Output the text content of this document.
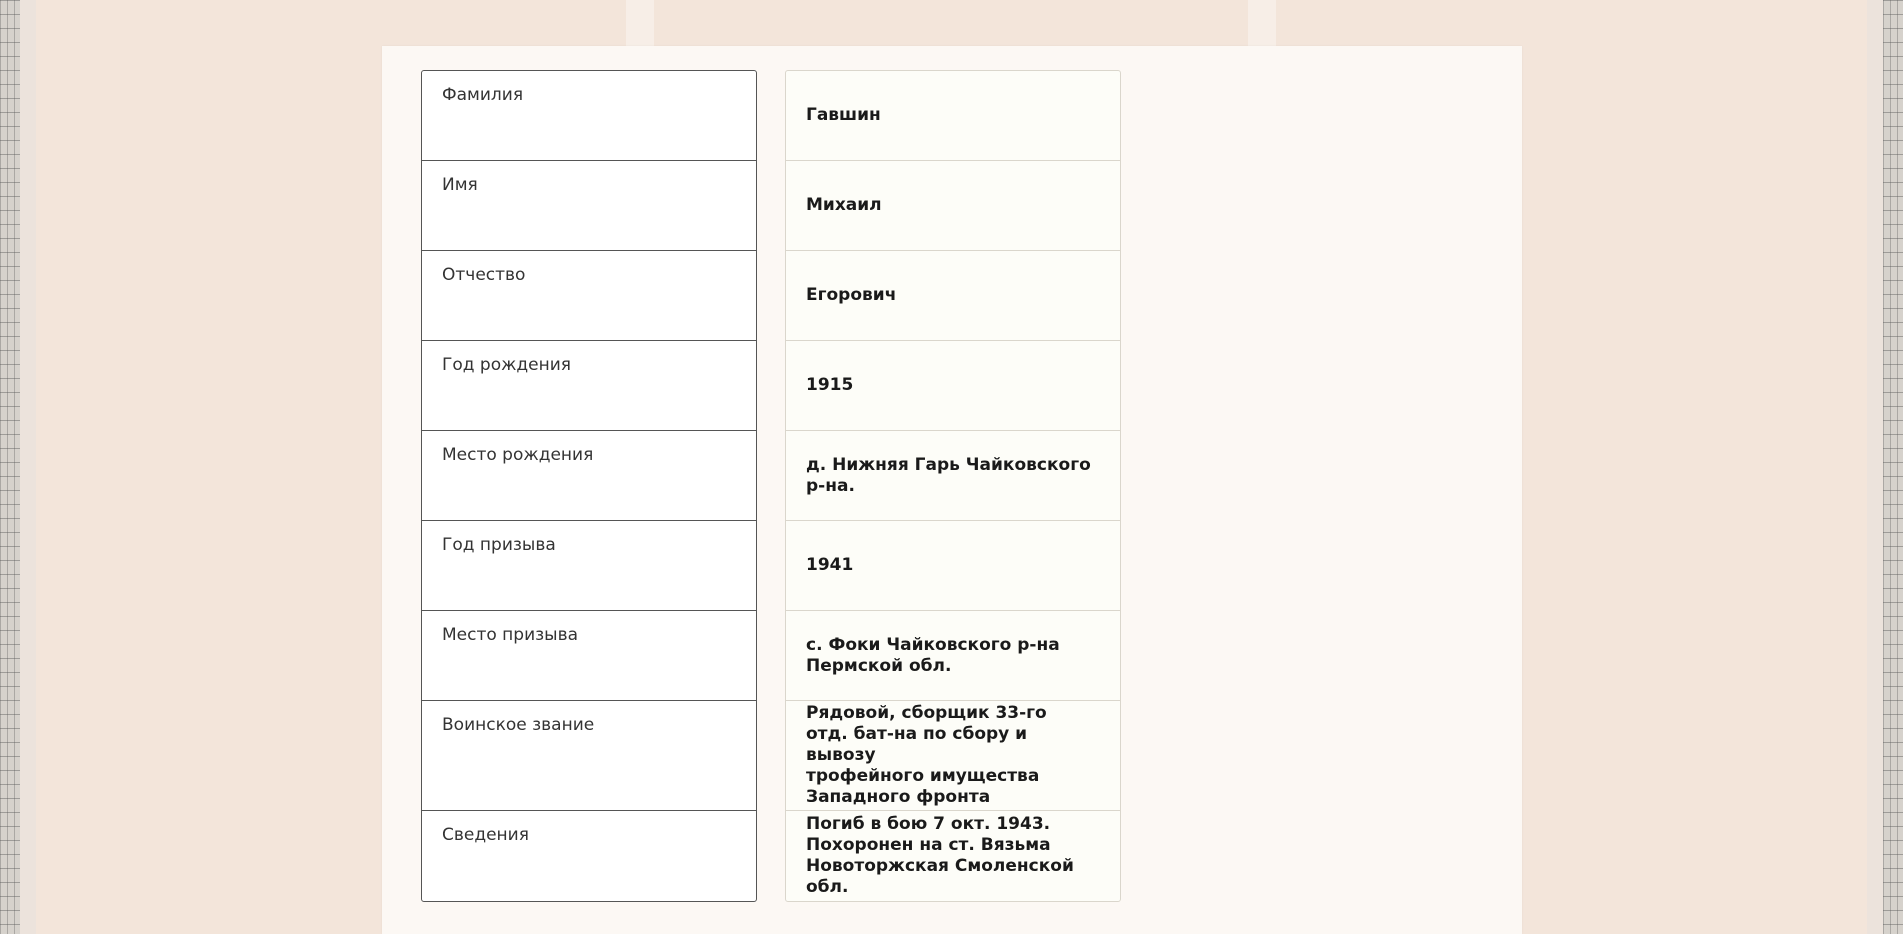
Фамилия
Имя
Отчество
Год рождения
Место рождения
Год призыва
Место призыва
Воинское звание
Сведения
Гавшин
Михаил
Егорович
1915
д. Нижняя Гарь Чайковского
р-на.
1941
с. Фоки Чайковского р-на
Пермской обл.
Рядовой, сборщик 33-го
отд. бат-на по сбору и вывозу
трофейного имущества
Западного фронта
Погиб в бою 7 окт. 1943.
Похоронен на ст. Вязьма
Новоторжская Смоленской обл.
